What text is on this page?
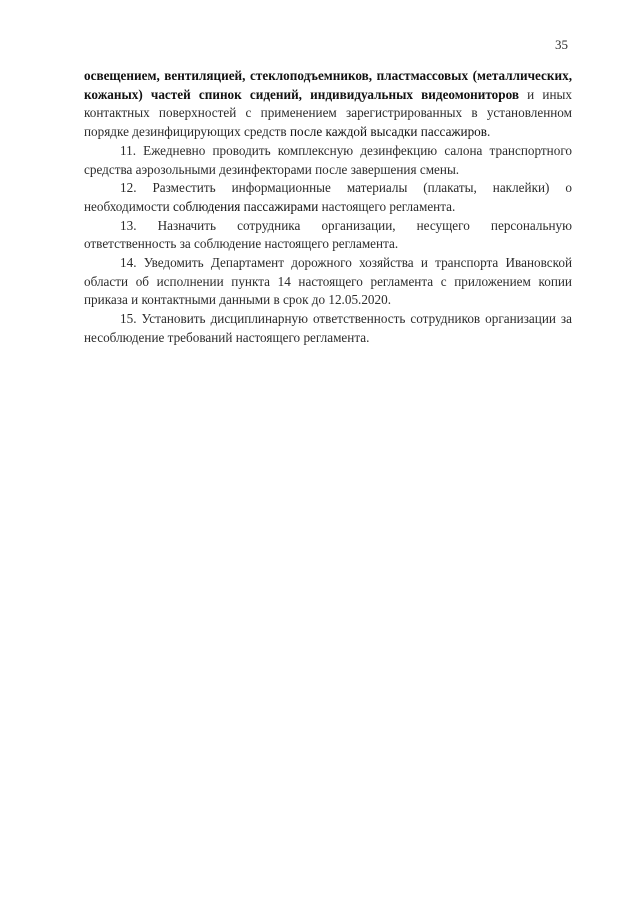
35

освещением, вентиляцией, стеклоподъемников, пластмассовых (металлических, кожаных) частей спинок сидений, индивидуальных видеомониторов и иных контактных поверхностей с применением зарегистрированных в установленном порядке дезинфицирующих средств после каждой высадки пассажиров.

11. Ежедневно проводить комплексную дезинфекцию салона транспортного средства аэрозольными дезинфекторами после завершения смены.

12. Разместить информационные материалы (плакаты, наклейки) о необходимости соблюдения пассажирами настоящего регламента.

13. Назначить сотрудника организации, несущего персональную ответственность за соблюдение настоящего регламента.

14. Уведомить Департамент дорожного хозяйства и транспорта Ивановской области об исполнении пункта 14 настоящего регламента с приложением копии приказа и контактными данными в срок до 12.05.2020.

15. Установить дисциплинарную ответственность сотрудников организации за несоблюдение требований настоящего регламента.
